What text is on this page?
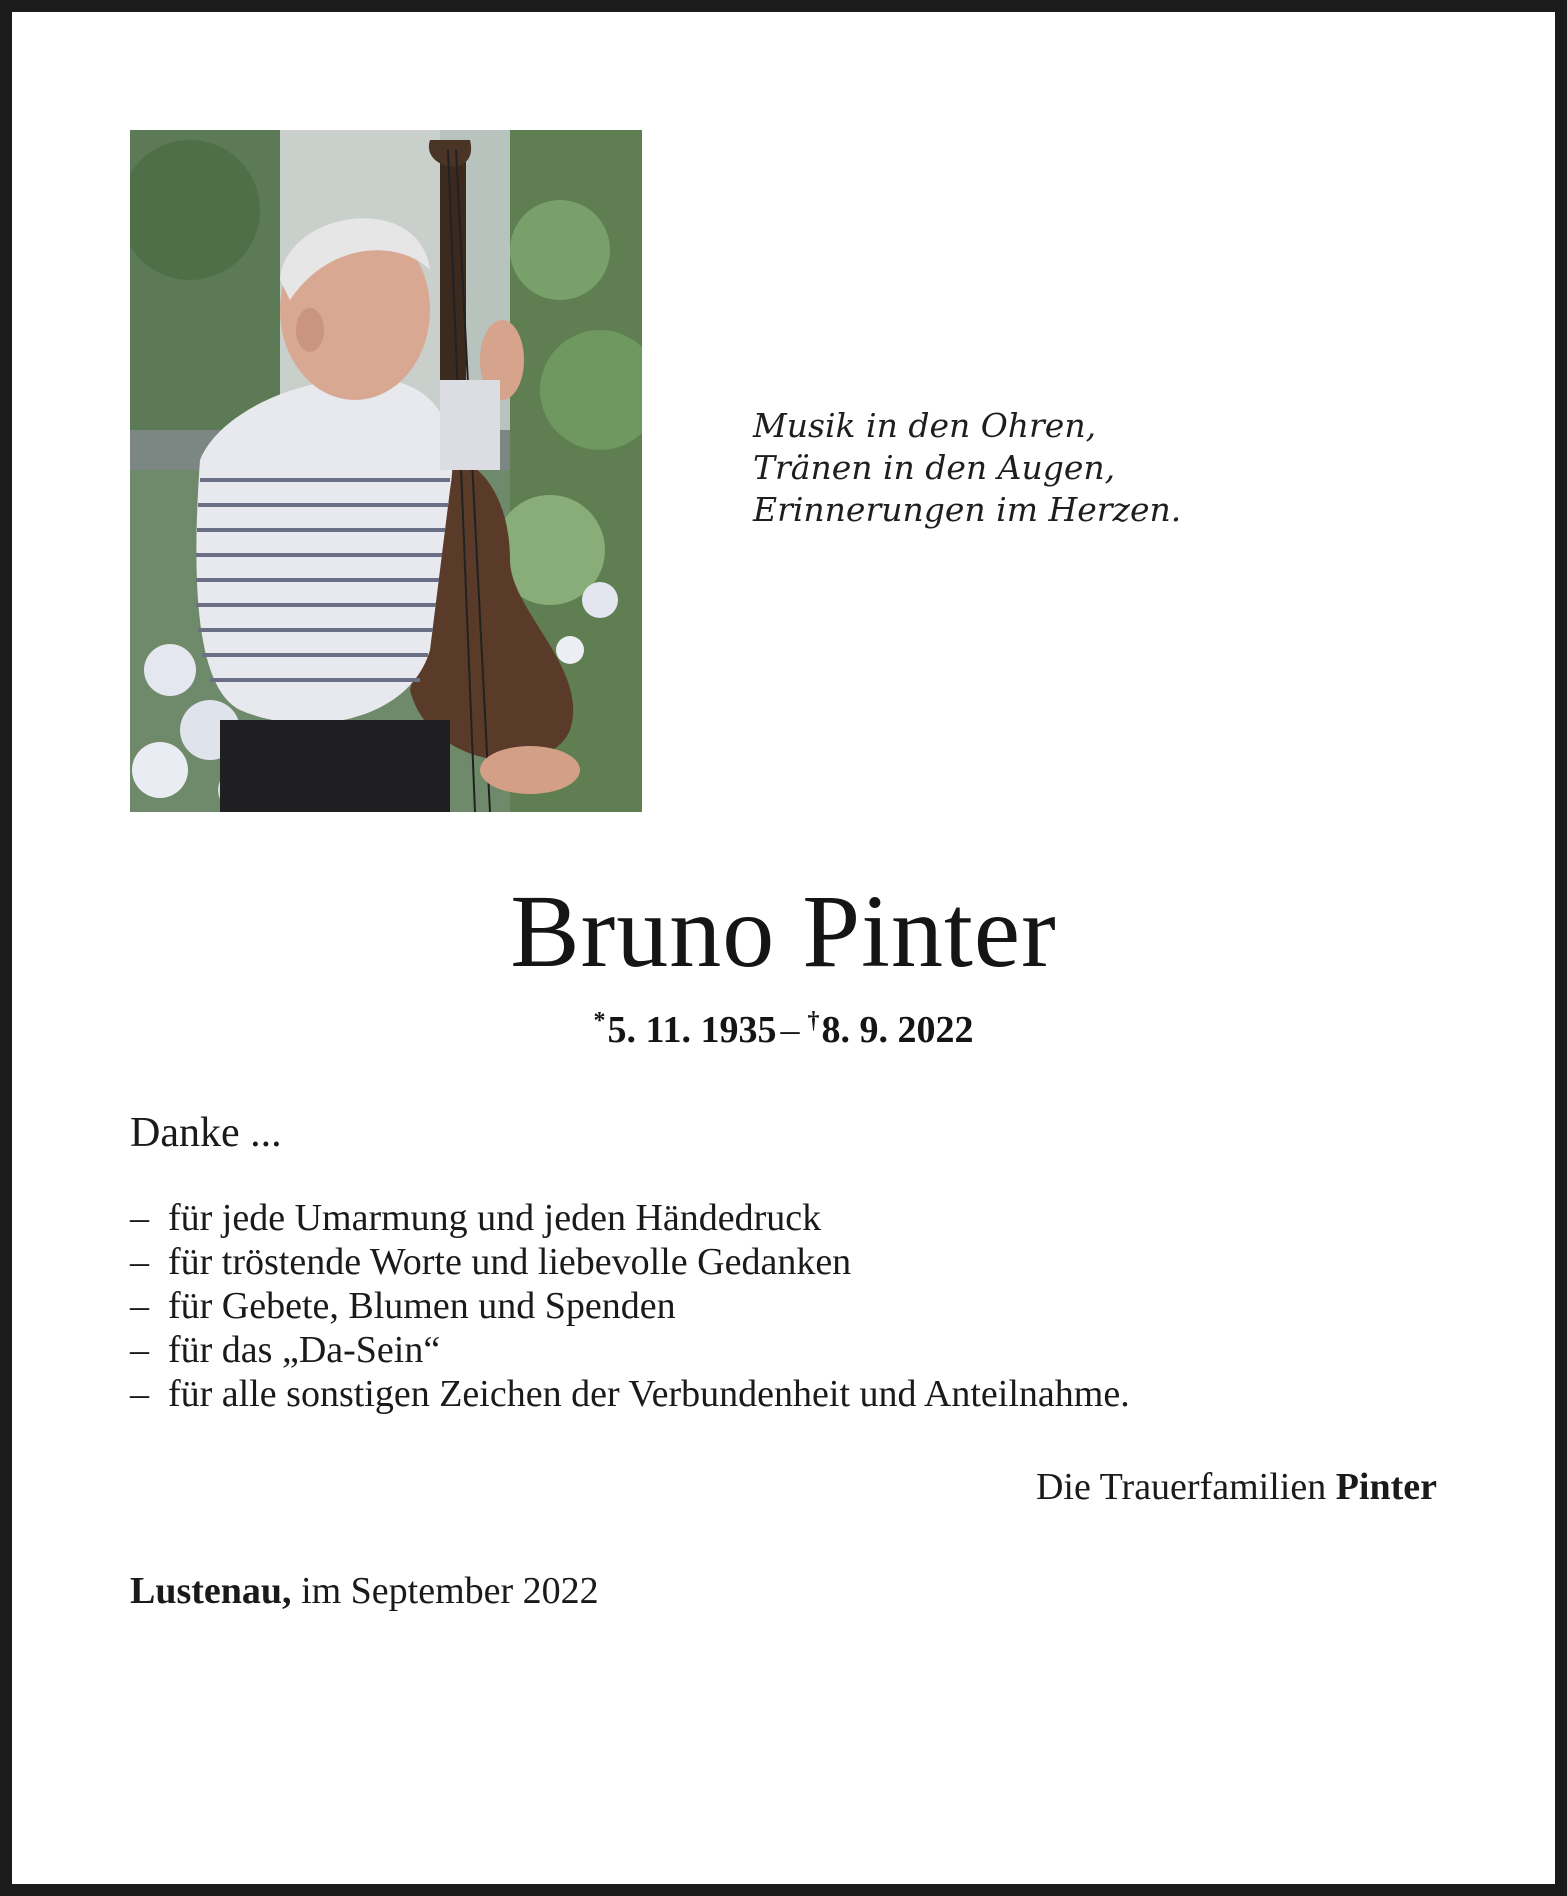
Musik in den Ohren,
Tränen in den Augen,
Erinnerungen im Herzen.
Bruno Pinter
*5. 11. 1935 – †8. 9. 2022
Danke ...
– für jede Umarmung und jeden Händedruck
– für tröstende Worte und liebevolle Gedanken
– für Gebete, Blumen und Spenden
– für das „Da-Sein“
– für alle sonstigen Zeichen der Verbundenheit und Anteilnahme.
Die Trauerfamilien Pinter
Lustenau, im September 2022
